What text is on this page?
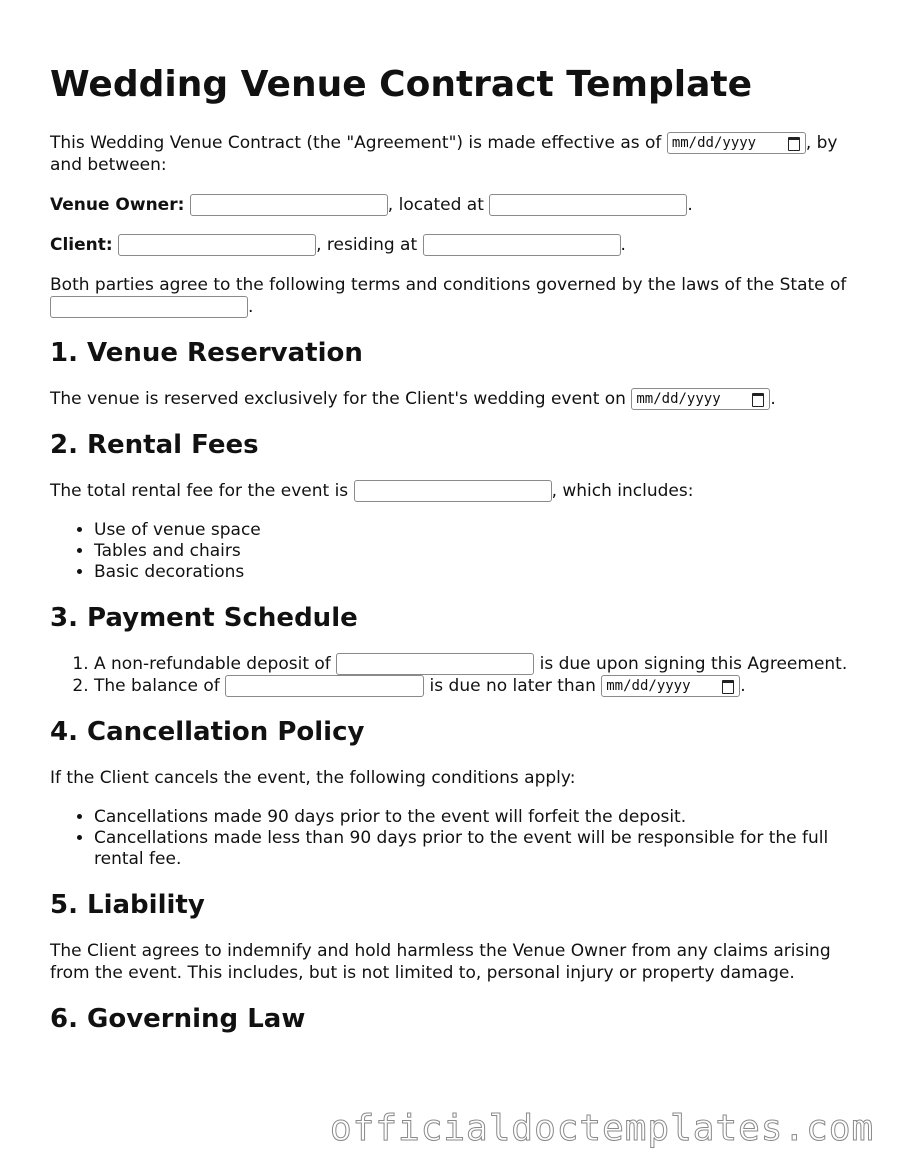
Wedding Venue Contract Template

This Wedding Venue Contract (the "Agreement") is made effective as of mm/dd/yyyy	, by and between:

Venue Owner:	, located at	.

Client:	, residing at	.

Both parties agree to the following terms and conditions governed by the laws of the State of .

1. Venue Reservation

The venue is reserved exclusively for the Client's wedding event on mm/dd/yyyy	.

2. Rental Fees

The total rental fee for the event is	, which includes:

• Use of venue space
• Tables and chairs
• Basic decorations
3. Payment Schedule
1. A non-refundable deposit of	is due upon signing this Agreement.
2. The balance of	is due no later than mm/dd/yyyy	.
4. Cancellation Policy

If the Client cancels the event, the following conditions apply:

• Cancellations made 90 days prior to the event will forfeit the deposit.
• Cancellations made less than 90 days prior to the event will be responsible for the full rental fee.
5. Liability

The Client agrees to indemnify and hold harmless the Venue Owner from any claims arising from the event. This includes, but is not limited to, personal injury or property damage.

6. Governing Law
officialdoctemplates.com
